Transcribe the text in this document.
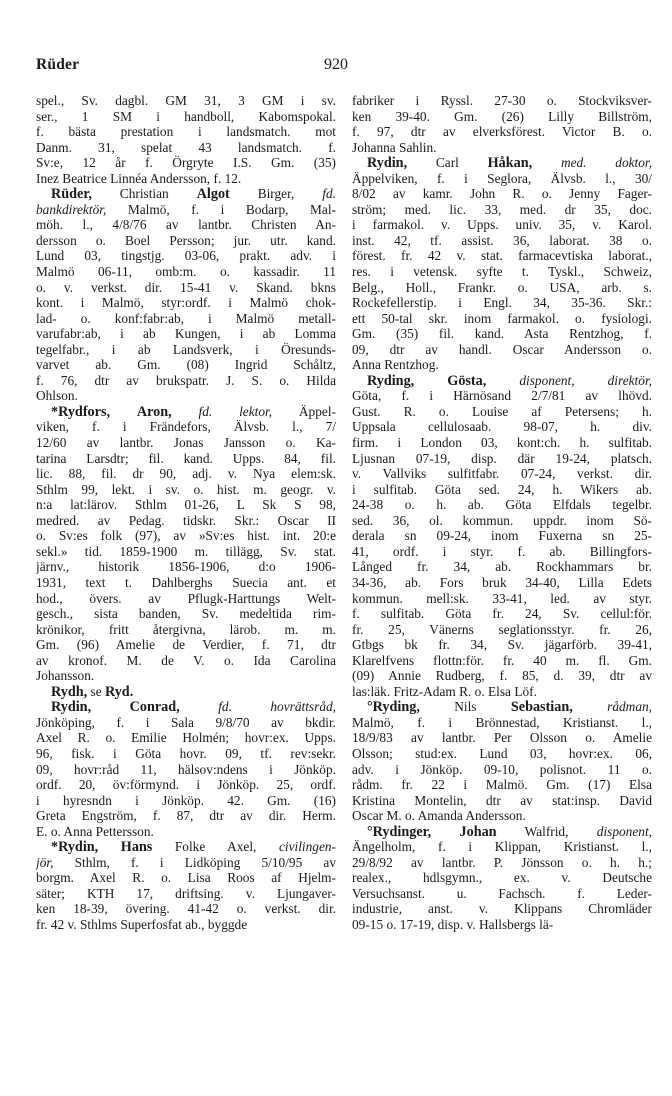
Rüder	920
spel., Sv. dagbl. GM 31, 3 GM i sv.
ser., 1 SM i handboll, Kabomspokal.
f. bästa prestation i landsmatch. mot
Danm. 31, spelat 43 landsmatch. f.
Sv:e, 12 år f. Örgryte I.S. Gm. (35)
Inez Beatrice Linnéa Andersson, f. 12.
Rüder, Christian Algot Birger, fd.
bankdirektör, Malmö, f. i Bodarp, Mal-
möh. l., 4/8/76 av lantbr. Christen An-
dersson o. Boel Persson; jur. utr. kand.
Lund 03, tingstjg. 03-06, prakt. adv. i
Malmö 06-11, omb:m. o. kassadir. 11
o. v. verkst. dir. 15-41 v. Skand. bkns
kont. i Malmö, styr:ordf. i Malmö chok-
lad- o. konf:fabr:ab, i Malmö metall-
varufabr:ab, i ab Kungen, i ab Lomma
tegelfabr., i ab Landsverk, i Öresunds-
varvet ab. Gm. (08) Ingrid Schåltz,
f. 76, dtr av brukspatr. J. S. o. Hilda
Ohlson.
*Rydfors, Aron, fd. lektor, Äppel-
viken, f. i Frändefors, Älvsb. l., 7/
12/60 av lantbr. Jonas Jansson o. Ka-
tarina Larsdtr; fil. kand. Upps. 84, fil.
lic. 88, fil. dr 90, adj. v. Nya elem:sk.
Sthlm 99, lekt. i sv. o. hist. m. geogr. v.
n:a lat:lärov. Sthlm 01-26, L Sk S 98,
medred. av Pedag. tidskr. Skr.: Oscar II
o. Sv:es folk (97), av »Sv:es hist. int. 20:e
sekl.» tid. 1859-1900 m. tillägg, Sv. stat.
järnv., historik 1856-1906, d:o 1906-
1931, text t. Dahlberghs Suecia ant. et
hod., övers. av Pflugk-Harttungs Welt-
gesch., sista banden, Sv. medeltida rim-
krönikor, fritt återgivna, lärob. m. m.
Gm. (96) Amelie de Verdier, f. 71, dtr
av kronof. M. de V. o. Ida Carolina
Johansson.
Rydh, se Ryd.
Rydin,	Conrad,	fd. hovrättsråd,
Jönköping, f. i Sala 9/8/70 av bkdir.
Axel R. o. Emilie Holmén; hovr:ex. Upps.
96, fisk. i Göta hovr. 09, tf. rev:sekr.
09, hovr:råd 11, hälsov:ndens i Jönköp.
ordf. 20, öv:förmynd. i Jönköp. 25, ordf.
i hyresndn i Jönköp. 42. Gm. (16)
Greta Engström, f. 87, dtr av dir. Herm.
E. o. Anna Pettersson.
*Rydin, Hans Folke Axel, civilingen-
jör, Sthlm, f. i Lidköping 5/10/95 av
borgm. Axel R. o. Lisa Roos af Hjelm-
säter; KTH 17, driftsing. v. Ljungaver-
ken 18-39, övering. 41-42 o. verkst. dir.
fr. 42 v. Sthlms Superfosfat ab., byggde
fabriker i Ryssl. 27-30 o. Stockviksver-
ken 39-40. Gm. (26) Lilly Billström,
f. 97, dtr av elverksförest. Victor B. o.
Johanna Sahlin.
Rydin, Carl Håkan, med. doktor,
Äppelviken, f. i Seglora, Älvsb. l., 30/
8/02 av kamr. John R. o. Jenny Fager-
ström; med. lic. 33, med. dr 35, doc.
i farmakol. v. Upps. univ. 35, v. Karol.
inst. 42, tf. assist. 36, laborat. 38 o.
förest. fr. 42 v. stat. farmacevtiska laborat.,
res. i vetensk. syfte t. Tyskl., Schweiz,
Belg., Holl., Frankr. o. USA, arb. s.
Rockefellerstip. i Engl. 34, 35-36. Skr.:
ett 50-tal skr. inom farmakol. o. fysiologi.
Gm. (35) fil. kand. Asta Rentzhog, f.
09, dtr av handl. Oscar Andersson o.
Anna Rentzhog.
Ryding, Gösta, disponent, direktör,
Göta, f. i Härnösand 2/7/81 av lhövd.
Gust. R. o. Louise af Petersens; h.
Uppsala cellulosaab. 98-07, h. div.
firm. i London 03, kont:ch. h. sulfitab.
Ljusnan 07-19, disp. där 19-24, platsch.
v. Vallviks sulfitfabr. 07-24, verkst. dir.
i sulfitab. Göta sed. 24, h. Wikers ab.
24-38 o. h. ab. Göta Elfdals tegelbr.
sed. 36, ol. kommun. uppdr. inom Sö-
derala sn 09-24, inom Fuxerna sn 25-
41, ordf. i styr. f. ab. Billingfors-
Långed fr. 34, ab. Rockhammars br.
34-36, ab. Fors bruk 34-40, Lilla Edets
kommun. mell:sk. 33-41, led. av styr.
f. sulfitab. Göta fr. 24, Sv. cellul:för.
fr. 25, Vänerns seglationsstyr. fr. 26,
Gtbgs bk fr. 34, Sv. jägarförb. 39-41,
Klarelfvens flottn:för. fr. 40 m. fl. Gm.
(09) Annie Rudberg, f. 85, d. 39, dtr av
las:läk. Fritz-Adam R. o. Elsa Löf.
°Ryding, Nils Sebastian,	rådman,
Malmö, f. i Brönnestad, Kristianst. l.,
18/9/83 av lantbr. Per Olsson o. Amelie
Olsson; stud:ex. Lund 03, hovr:ex. 06,
adv. i Jönköp. 09-10, polisnot. 11 o.
rådm. fr. 22 i Malmö. Gm. (17) Elsa
Kristina Montelin, dtr av stat:insp. David
Oscar M. o. Amanda Andersson.
°Rydinger, Johan Walfrid, disponent,
Ängelholm, f. i Klippan, Kristianst. l.,
29/8/92 av lantbr. P. Jönsson o. h. h.;
realex., hdlsgymn., ex. v. Deutsche
Versuchsanst. u. Fachsch. f. Leder-
industrie, anst. v. Klippans Chromläder
09-15 o. 17-19, disp. v. Hallsbergs lä-
